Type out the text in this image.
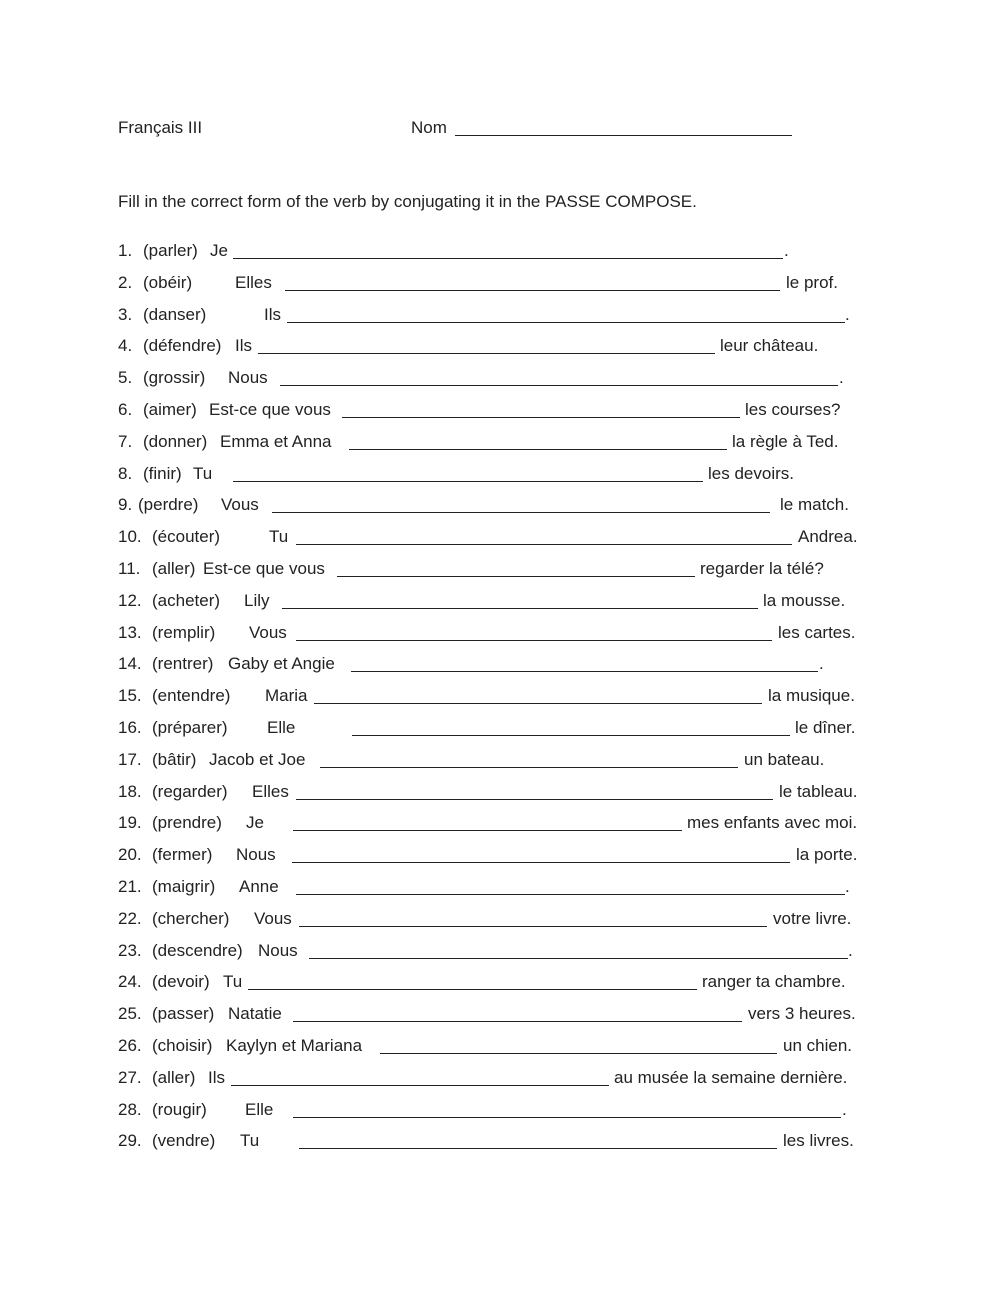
Français III	Nom
Fill in the correct form of the verb by conjugating it in the PASSE COMPOSE.
1. (parler) Je	.
2. (obéir)	Elles	le prof.
3. (danser)	Ils	.
4. (défendre) Ils	leur château.
5. (grossir) Nous	.
6. (aimer) Est-ce que vous	les courses?
7. (donner) Emma et Anna	la règle à Ted.
8. (finir) Tu	les devoirs.
9. (perdre) Vous	le match.
10. (écouter)	Tu	Andrea.
11. (aller) Est-ce que vous	regarder la télé?
12. (acheter) Lily	la mousse.
13. (remplir) Vous	les cartes.
14. (rentrer) Gaby et Angie	.
15. (entendre) Maria	la musique.
16. (préparer) Elle	le dîner.
17. (bâtir) Jacob et Joe	un bateau.
18. (regarder) Elles	le tableau.
19. (prendre) Je	mes enfants avec moi.
20. (fermer) Nous	la porte.
21. (maigrir) Anne	.
22. (chercher) Vous	votre livre.
23. (descendre) Nous	.
24. (devoir) Tu	ranger ta chambre.
25. (passer) Natatie	vers 3 heures.
26. (choisir) Kaylyn et Mariana	un chien.
27. (aller) Ils	au musée la semaine dernière.
28. (rougir) Elle	.
29. (vendre) Tu	les livres.
